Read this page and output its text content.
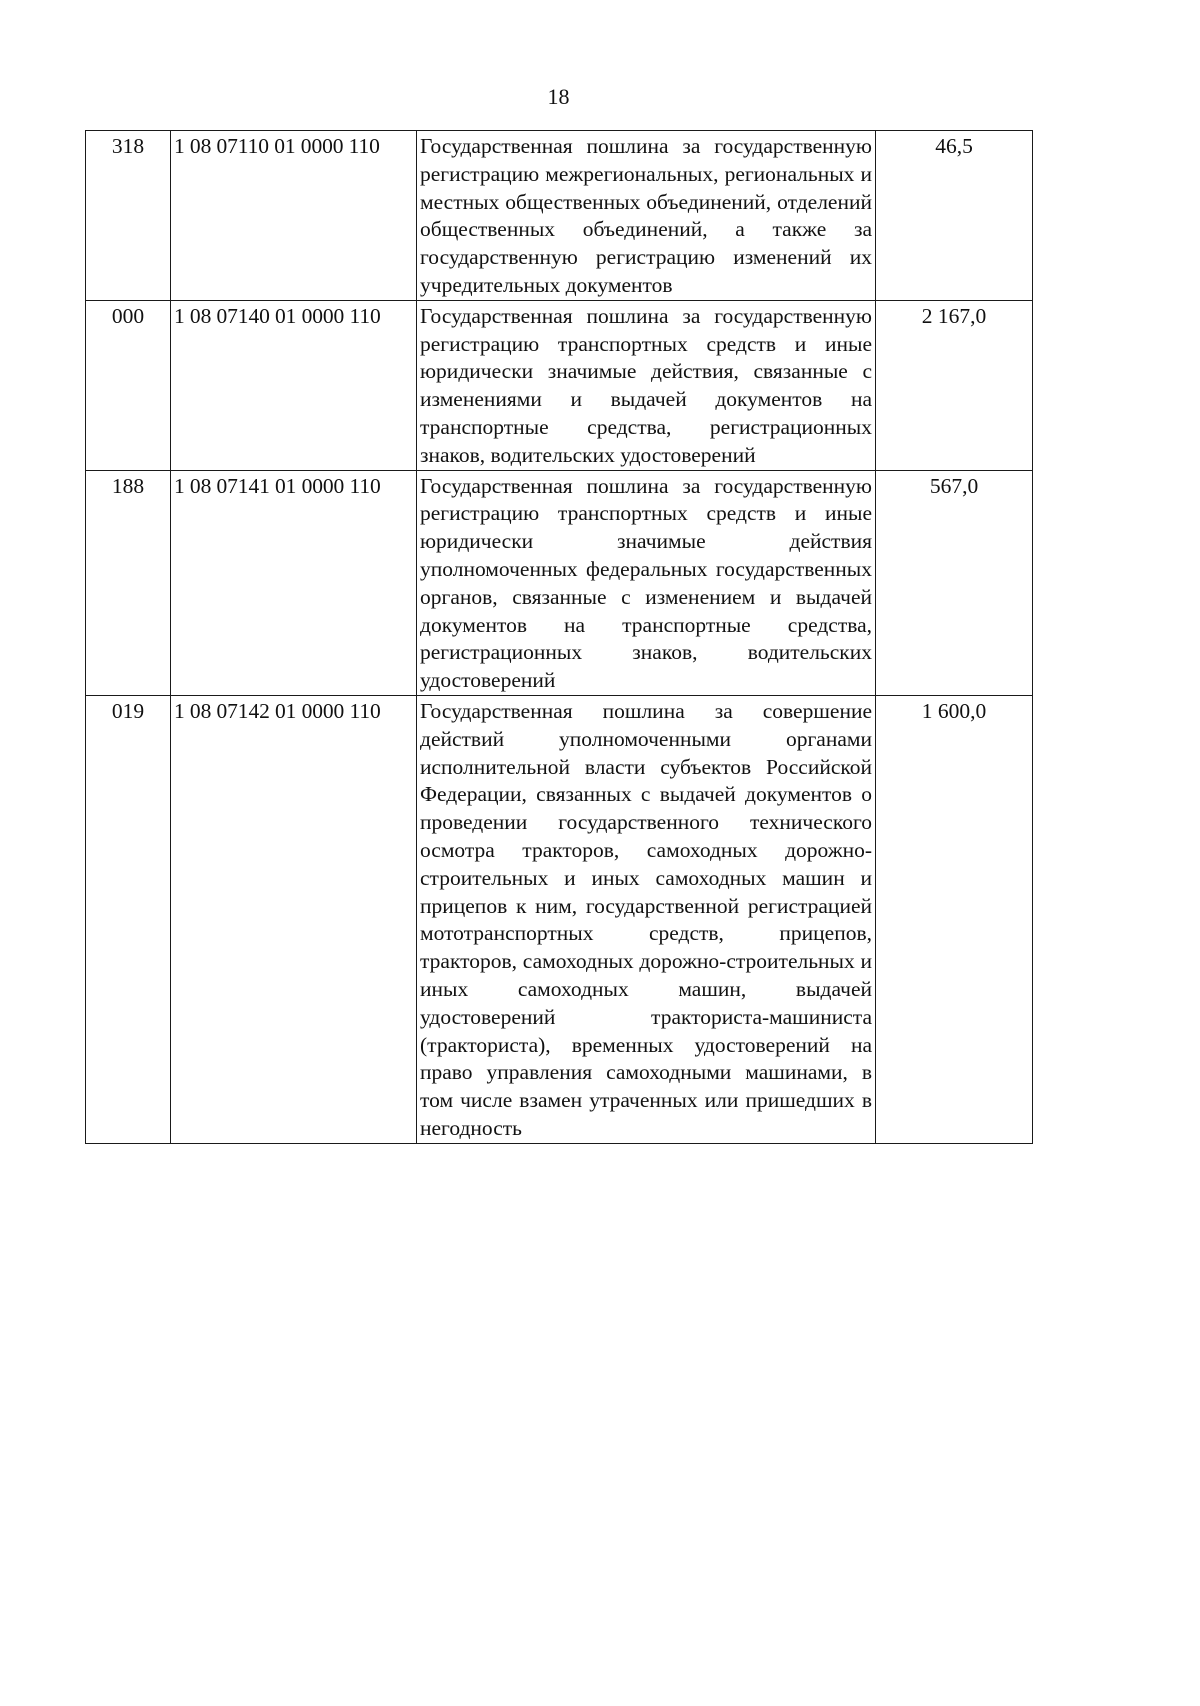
18
318	1 08 07110 01 0000 110	Государственная пошлина за государственную регистрацию межрегиональных, региональных и местных общественных объединений, отделений общественных объединений, а также за государственную регистрацию изменений их учредительных документов	46,5
000	1 08 07140 01 0000 110	Государственная пошлина за государственную регистрацию транспортных средств и иные юридически значимые действия, связанные с изменениями и выдачей документов на транспортные средства, регистрационных знаков, водительских удостоверений	2 167,0
188	1 08 07141 01 0000 110	Государственная пошлина за государственную регистрацию транспортных средств и иные юридически значимые действия уполномоченных федеральных государственных органов, связанные с изменением и выдачей документов на транспортные средства, регистрационных знаков, водительских удостоверений	567,0
019	1 08 07142 01 0000 110	Государственная пошлина за совершение действий уполномоченными органами исполнительной власти субъектов Российской Федерации, связанных с выдачей документов о проведении государственного технического осмотра тракторов, самоходных дорожно-строительных и иных самоходных машин и прицепов к ним, государственной регистрацией мототранспортных средств, прицепов, тракторов, самоходных дорожно-строительных и иных самоходных машин, выдачей удостоверений тракториста-машиниста (тракториста), временных удостоверений на право управления самоходными машинами, в том числе взамен утраченных или пришедших в негодность	1 600,0
